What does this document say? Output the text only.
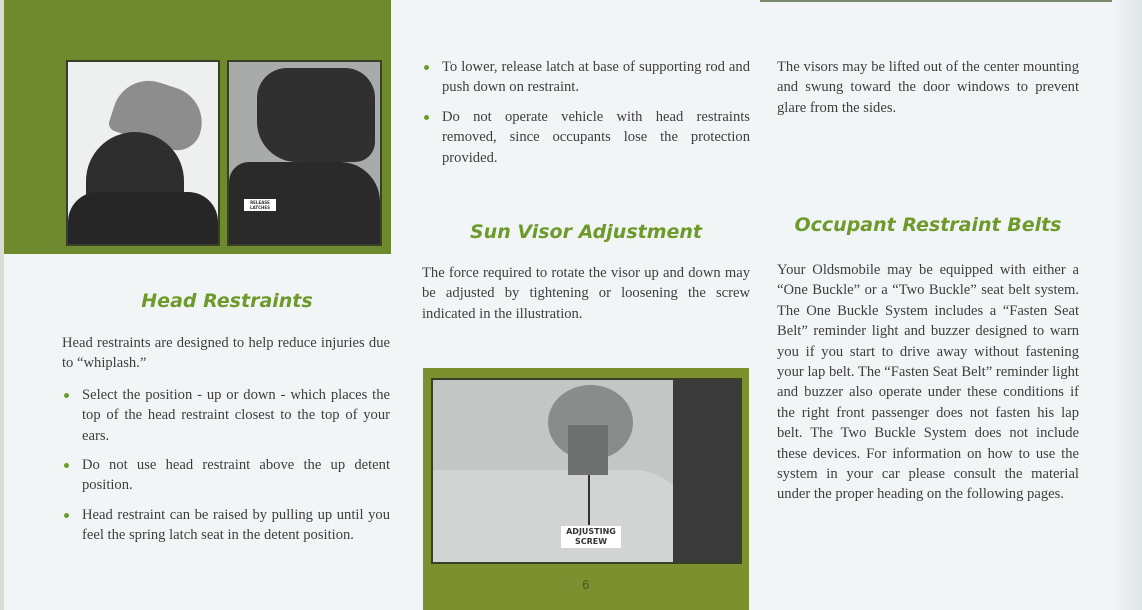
RELEASE LATCHES
Head Restraints

Head restraints are designed to help reduce injuries due to “whiplash.”

Select the position - up or down - which places the top of the head restraint closest to the top of your ears.

Do not use head restraint above the up detent position.

Head restraint can be raised by pulling up until you feel the spring latch seat in the detent position.

To lower, release latch at base of supporting rod and push down on restraint.

Do not operate vehicle with head restraints removed, since occupants lose the protection provided.

Sun Visor Adjustment

The force required to rotate the visor up and down may be adjusted by tightening or loosening the screw indicated in the illustration.

ADJUSTING
SCREW
6

The visors may be lifted out of the center mounting and swung toward the door windows to prevent glare from the sides.

Occupant Restraint Belts

Your Oldsmobile may be equipped with either a “One Buckle” or a “Two Buckle” seat belt system. The One Buckle System includes a “Fasten Seat Belt” reminder light and buzzer designed to warn you if you start to drive away without fastening your lap belt. The “Fasten Seat Belt” reminder light and buzzer also operate under these conditions if the right front passenger does not fasten his lap belt. The Two Buckle System does not include these devices. For information on how to use the system in your car please consult the material under the proper heading on the following pages.
